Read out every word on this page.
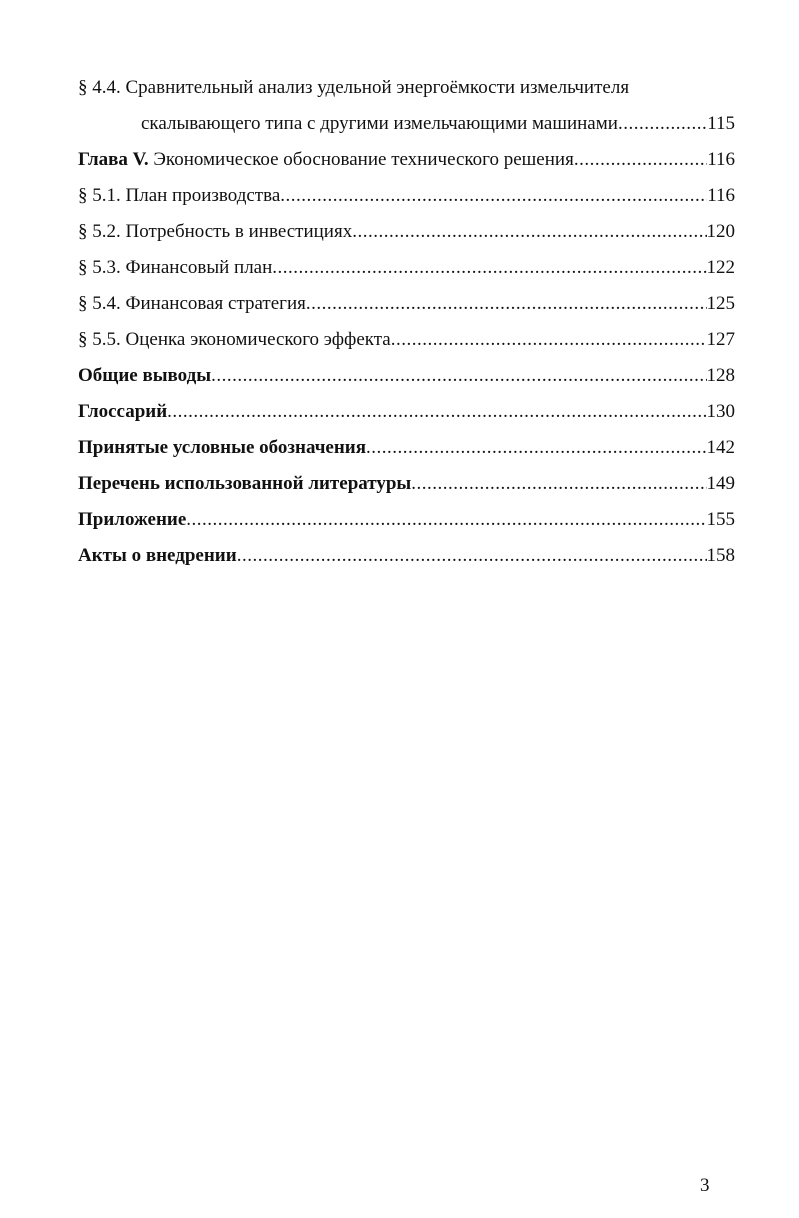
§ 4.4. Сравнительный анализ удельной энергоёмкости измельчителя
скалывающего типа с другими измельчающими машинами .....	115
Глава V. Экономическое обоснование технического решения .....	116
§ 5.1. План производства .....	116
§ 5.2. Потребность в инвестициях .....	120
§ 5.3. Финансовый план .....	122
§ 5.4. Финансовая стратегия .....	125
§ 5.5. Оценка экономического эффекта .....	127
Общие выводы .....	128
Глоссарий .....	130
Принятые условные обозначения .....	142
Перечень использованной литературы .....	149
Приложение .....	155
Акты о внедрении .....	158
3
